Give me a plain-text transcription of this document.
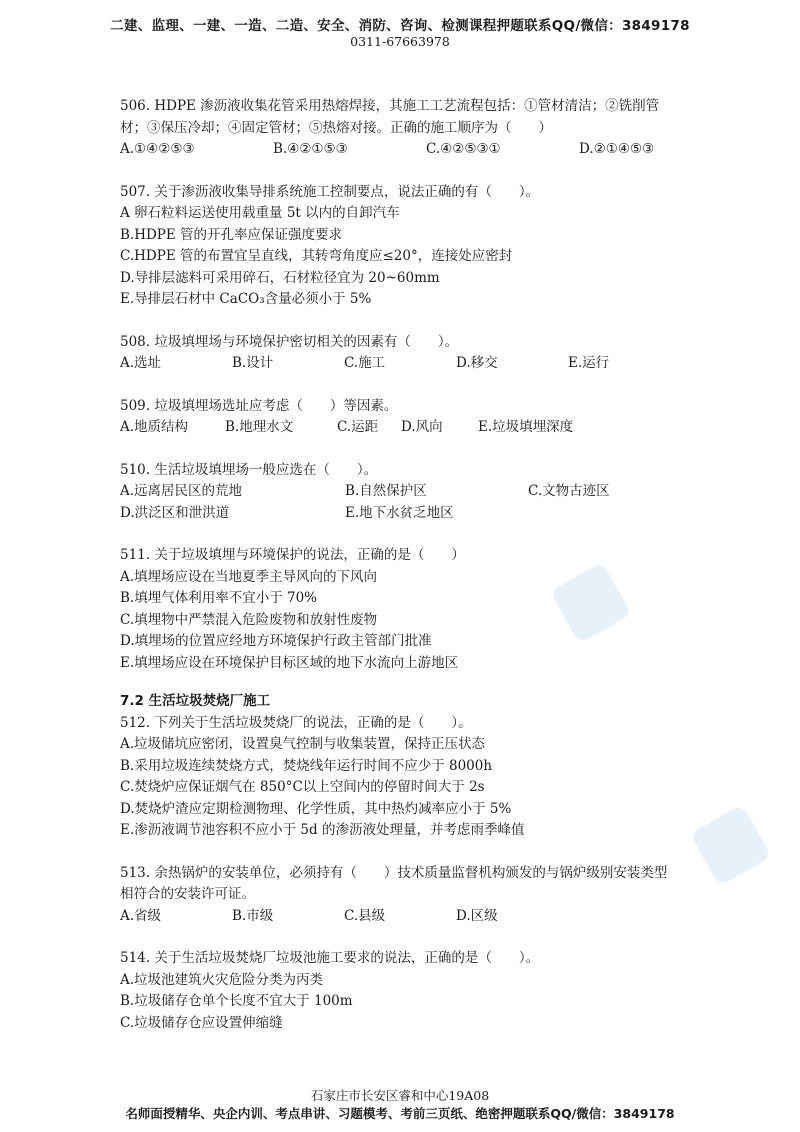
二建、监理、一建、一造、二造、安全、消防、咨询、检测课程押题联系QQ/微信：3849178
0311-67663978

506. HDPE 渗沥液收集花管采用热熔焊接，其施工工艺流程包括：①管材清洁；②铣削管

材；③保压冷却；④固定管材；⑤热熔对接。正确的施工顺序为（　　）

A.①④②⑤③	B.④②①⑤③	C.④②⑤③①	D.②①④⑤③

507. 关于渗沥液收集导排系统施工控制要点，说法正确的有（　　）。

A 卵石粒料运送使用载重量 5t 以内的自卸汽车

B.HDPE 管的开孔率应保证强度要求

C.HDPE 管的布置宜呈直线，其转弯角度应≤20°，连接处应密封

D.导排层滤料可采用碎石，石材粒径宜为 20~60mm

E.导排层石材中 CaCO₃含量必须小于 5%

508. 垃圾填埋场与环境保护密切相关的因素有（　　）。

A.选址	B.设计	C.施工	D.移交	E.运行

509. 垃圾填埋场选址应考虑（　　）等因素。

A.地质结构	B.地理水文	C.运距	D.风向	E.垃圾填埋深度

510. 生活垃圾填埋场一般应选在（　　）。

A.远离居民区的荒地	B.自然保护区	C.文物古迹区
D.洪泛区和泄洪道	E.地下水贫乏地区

511. 关于垃圾填埋与环境保护的说法，正确的是（　　）

A.填埋场应设在当地夏季主导风向的下风向

B.填埋气体利用率不宜小于 70%

C.填埋物中严禁混入危险废物和放射性废物

D.填埋场的位置应经地方环境保护行政主管部门批准

E.填埋场应设在环境保护目标区域的地下水流向上游地区

7.2 生活垃圾焚烧厂施工

512. 下列关于生活垃圾焚烧厂的说法，正确的是（　　）。

A.垃圾储坑应密闭，设置臭气控制与收集装置，保持正压状态

B.采用垃圾连续焚烧方式，焚烧线年运行时间不应少于 8000h

C.焚烧炉应保证烟气在 850°C以上空间内的停留时间大于 2s

D.焚烧炉渣应定期检测物理、化学性质，其中热灼减率应小于 5%

E.渗沥液调节池容积不应小于 5d 的渗沥液处理量，并考虑雨季峰值

513. 余热锅炉的安装单位，必须持有（　　）技术质量监督机构颁发的与锅炉级别安装类型

相符合的安装许可证。

A.省级	B.市级	C.县级	D.区级

514. 关于生活垃圾焚烧厂垃圾池施工要求的说法，正确的是（　　）。

A.垃圾池建筑火灾危险分类为丙类

B.垃圾储存仓单个长度不宜大于 100m

C.垃圾储存仓应设置伸缩缝

石家庄市长安区睿和中心19A08
名师面授精华、央企内训、考点串讲、习题模考、考前三页纸、绝密押题联系QQ/微信：3849178
